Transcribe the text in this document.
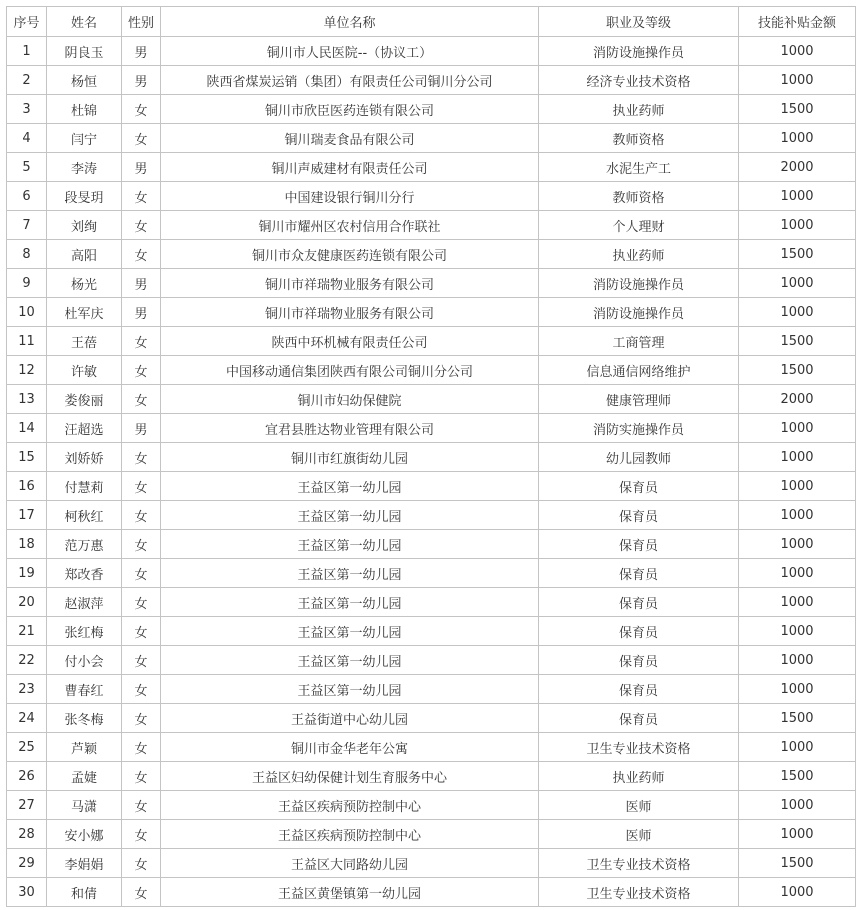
序号	姓名	性别	单位名称	职业及等级	技能补贴金额
1	阴良玉	男	铜川市人民医院--（协议工）	消防设施操作员	1000
2	杨恒	男	陕西省煤炭运销（集团）有限责任公司铜川分公司	经济专业技术资格	1000
3	杜锦	女	铜川市欣臣医药连锁有限公司	执业药师	1500
4	闫宁	女	铜川瑞麦食品有限公司	教师资格	1000
5	李涛	男	铜川声威建材有限责任公司	水泥生产工	2000
6	段旻玥	女	中国建设银行铜川分行	教师资格	1000
7	刘绚	女	铜川市耀州区农村信用合作联社	个人理财	1000
8	高阳	女	铜川市众友健康医药连锁有限公司	执业药师	1500
9	杨光	男	铜川市祥瑞物业服务有限公司	消防设施操作员	1000
10	杜军庆	男	铜川市祥瑞物业服务有限公司	消防设施操作员	1000
11	王蓓	女	陕西中环机械有限责任公司	工商管理	1500
12	许敏	女	中国移动通信集团陕西有限公司铜川分公司	信息通信网络维护	1500
13	娄俊丽	女	铜川市妇幼保健院	健康管理师	2000
14	汪超选	男	宜君县胜达物业管理有限公司	消防实施操作员	1000
15	刘娇娇	女	铜川市红旗街幼儿园	幼儿园教师	1000
16	付慧莉	女	王益区第一幼儿园	保育员	1000
17	柯秋红	女	王益区第一幼儿园	保育员	1000
18	范万惠	女	王益区第一幼儿园	保育员	1000
19	郑改香	女	王益区第一幼儿园	保育员	1000
20	赵淑萍	女	王益区第一幼儿园	保育员	1000
21	张红梅	女	王益区第一幼儿园	保育员	1000
22	付小会	女	王益区第一幼儿园	保育员	1000
23	曹春红	女	王益区第一幼儿园	保育员	1000
24	张冬梅	女	王益街道中心幼儿园	保育员	1500
25	芦颖	女	铜川市金华老年公寓	卫生专业技术资格	1000
26	孟婕	女	王益区妇幼保健计划生育服务中心	执业药师	1500
27	马潇	女	王益区疾病预防控制中心	医师	1000
28	安小娜	女	王益区疾病预防控制中心	医师	1000
29	李娟娟	女	王益区大同路幼儿园	卫生专业技术资格	1500
30	和倩	女	王益区黄堡镇第一幼儿园	卫生专业技术资格	1000
